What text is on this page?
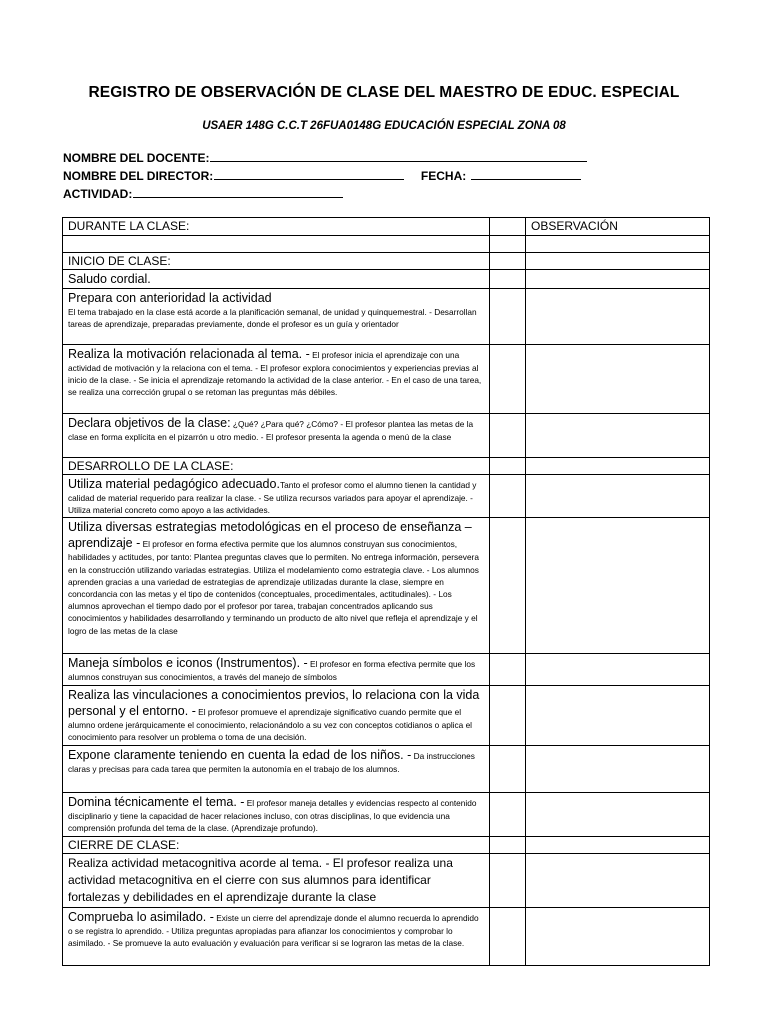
REGISTRO DE OBSERVACIÓN DE CLASE DEL MAESTRO DE EDUC. ESPECIAL
USAER 148G C.C.T 26FUA0148G EDUCACIÓN ESPECIAL ZONA 08
NOMBRE DEL DOCENTE:
NOMBRE DEL DIRECTOR:	FECHA:
ACTIVIDAD:
DURANTE LA CLASE:		OBSERVACIÓN

INICIO DE CLASE:		
Saludo cordial.		

Prepara con anterioridad la actividad
El tema trabajado en la clase está acorde a la planificación semanal, de unidad y quinquemestral. - Desarrollan tareas de aprendizaje, preparadas previamente, donde el profesor es un guía y orientador		

Realiza la motivación relacionada al tema. - El profesor inicia el aprendizaje con una actividad de motivación y la relaciona con el tema. - El profesor explora conocimientos y experiencias previas al inicio de la clase. - Se inicia el aprendizaje retomando la actividad de la clase anterior. - En el caso de una tarea, se realiza una corrección grupal o se retoman las preguntas más débiles.		
Declara objetivos de la clase: ¿Qué? ¿Para qué? ¿Cómo? - El profesor plantea las metas de la clase en forma explícita en el pizarrón u otro medio. - El profesor presenta la agenda o menú de la clase		
DESARROLLO DE LA CLASE:		
Utiliza material pedagógico adecuado.Tanto el profesor como el alumno tienen la cantidad y calidad de material requerido para realizar la clase. - Se utiliza recursos variados para apoyar el aprendizaje. - Utiliza material concreto como apoyo a las actividades.		
Utiliza diversas estrategias metodológicas en el proceso de enseñanza – aprendizaje - El profesor en forma efectiva permite que los alumnos construyan sus conocimientos, habilidades y actitudes, por tanto: Plantea preguntas claves que lo permiten. No entrega información, persevera en la construcción utilizando variadas estrategias. Utiliza el modelamiento como estrategia clave. - Los alumnos aprenden gracias a una variedad de estrategias de aprendizaje utilizadas durante la clase, siempre en concordancia con las metas y el tipo de contenidos (conceptuales, procedimentales, actitudinales). - Los alumnos aprovechan el tiempo dado por el profesor por tarea, trabajan concentrados aplicando sus conocimientos y habilidades desarrollando y terminando un producto de alto nivel que refleja el aprendizaje y el logro de las metas de la clase		
Maneja símbolos e iconos (Instrumentos). - El profesor en forma efectiva permite que los alumnos construyan sus conocimientos, a través del manejo de símbolos		
Realiza las vinculaciones a conocimientos previos, lo relaciona con la vida personal y el entorno. - El profesor promueve el aprendizaje significativo cuando permite que el alumno ordene jerárquicamente el conocimiento, relacionándolo a su vez con conceptos cotidianos o aplica el conocimiento para resolver un problema o toma de una decisión.		
Expone claramente teniendo en cuenta la edad de los niños. - Da instrucciones claras y precisas para cada tarea que permiten la autonomía en el trabajo de los alumnos.		
Domina técnicamente el tema. - El profesor maneja detalles y evidencias respecto al contenido disciplinario y tiene la capacidad de hacer relaciones incluso, con otras disciplinas, lo que evidencia una comprensión profunda del tema de la clase. (Aprendizaje profundo).		
CIERRE DE CLASE:		
Realiza actividad metacognitiva acorde al tema. - El profesor realiza una actividad metacognitiva en el cierre con sus alumnos para identificar fortalezas y debilidades en el aprendizaje durante la clase		
Comprueba lo asimilado. - Existe un cierre del aprendizaje donde el alumno recuerda lo aprendido o se registra lo aprendido. - Utiliza preguntas apropiadas para afianzar los conocimientos y comprobar lo asimilado. - Se promueve la auto evaluación y evaluación para verificar si se lograron las metas de la clase.		
